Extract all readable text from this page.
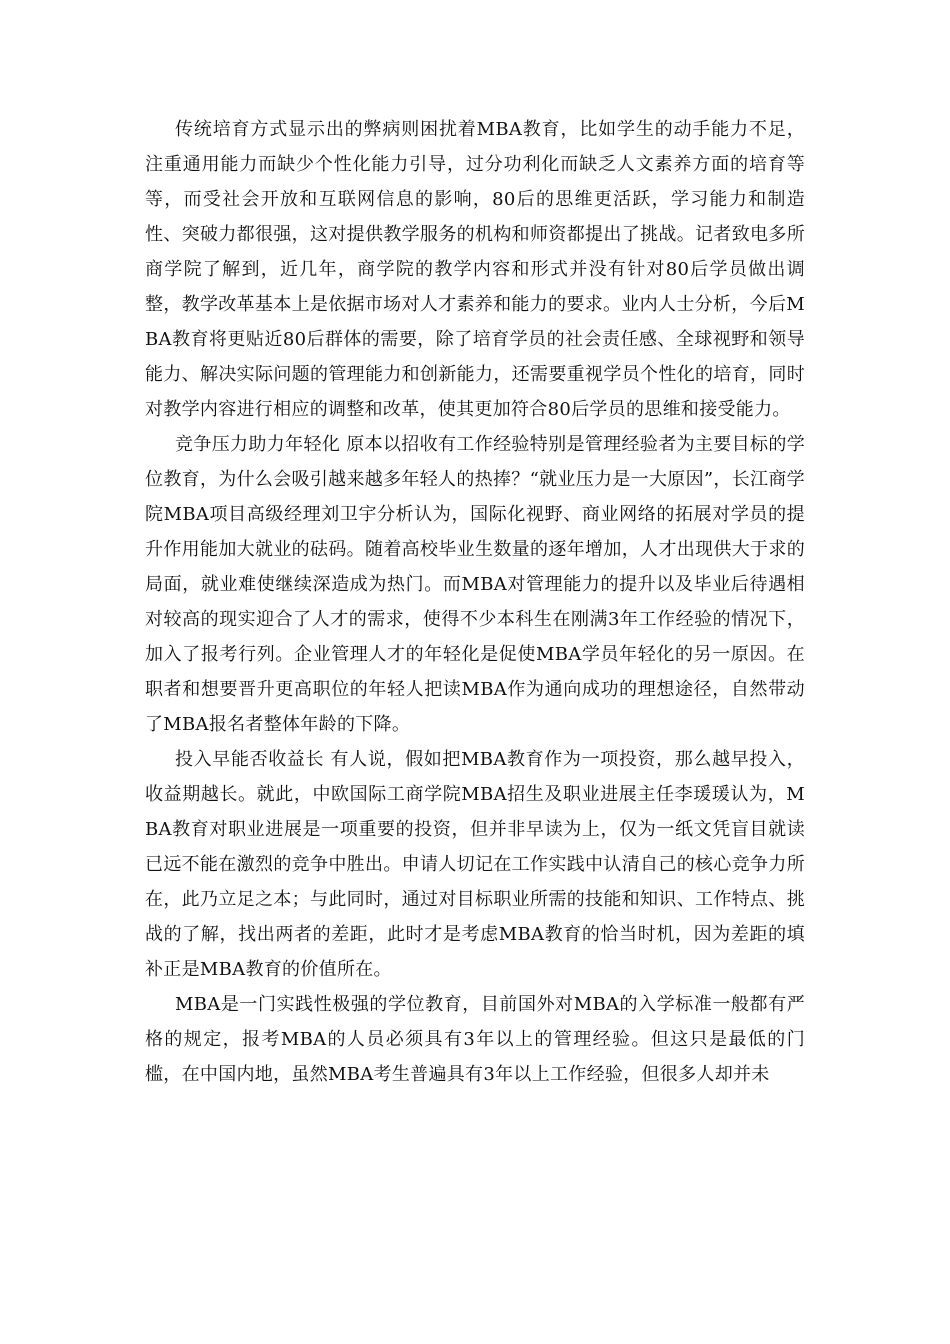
传统培育方式显示出的弊病则困扰着MBA教育，比如学生的动手能力不足，注重通用能力而缺少个性化能力引导，过分功利化而缺乏人文素养方面的培育等等，而受社会开放和互联网信息的影响，80后的思维更活跃，学习能力和制造性、突破力都很强，这对提供教学服务的机构和师资都提出了挑战。记者致电多所商学院了解到，近几年，商学院的教学内容和形式并没有针对80后学员做出调整，教学改革基本上是依据市场对人才素养和能力的要求。业内人士分析，今后MBA教育将更贴近80后群体的需要，除了培育学员的社会责任感、全球视野和领导能力、解决实际问题的管理能力和创新能力，还需要重视学员个性化的培育，同时对教学内容进行相应的调整和改革，使其更加符合80后学员的思维和接受能力。

竞争压力助力年轻化 原本以招收有工作经验特别是管理经验者为主要目标的学位教育，为什么会吸引越来越多年轻人的热捧？“就业压力是一大原因”，长江商学院MBA项目高级经理刘卫宇分析认为，国际化视野、商业网络的拓展对学员的提升作用能加大就业的砝码。随着高校毕业生数量的逐年增加，人才出现供大于求的局面，就业难使继续深造成为热门。而MBA对管理能力的提升以及毕业后待遇相对较高的现实迎合了人才的需求，使得不少本科生在刚满3年工作经验的情况下，加入了报考行列。企业管理人才的年轻化是促使MBA学员年轻化的另一原因。在职者和想要晋升更高职位的年轻人把读MBA作为通向成功的理想途径，自然带动了MBA报名者整体年龄的下降。

投入早能否收益长 有人说，假如把MBA教育作为一项投资，那么越早投入，收益期越长。就此，中欧国际工商学院MBA招生及职业进展主任李瑗瑗认为，MBA教育对职业进展是一项重要的投资，但并非早读为上，仅为一纸文凭盲目就读已远不能在激烈的竞争中胜出。申请人切记在工作实践中认清自己的核心竞争力所在，此乃立足之本；与此同时，通过对目标职业所需的技能和知识、工作特点、挑战的了解，找出两者的差距，此时才是考虑MBA教育的恰当时机，因为差距的填补正是MBA教育的价值所在。

MBA是一门实践性极强的学位教育，目前国外对MBA的入学标准一般都有严格的规定，报考MBA的人员必须具有3年以上的管理经验。但这只是最低的门槛，在中国内地，虽然MBA考生普遍具有3年以上工作经验，但很多人却并未
